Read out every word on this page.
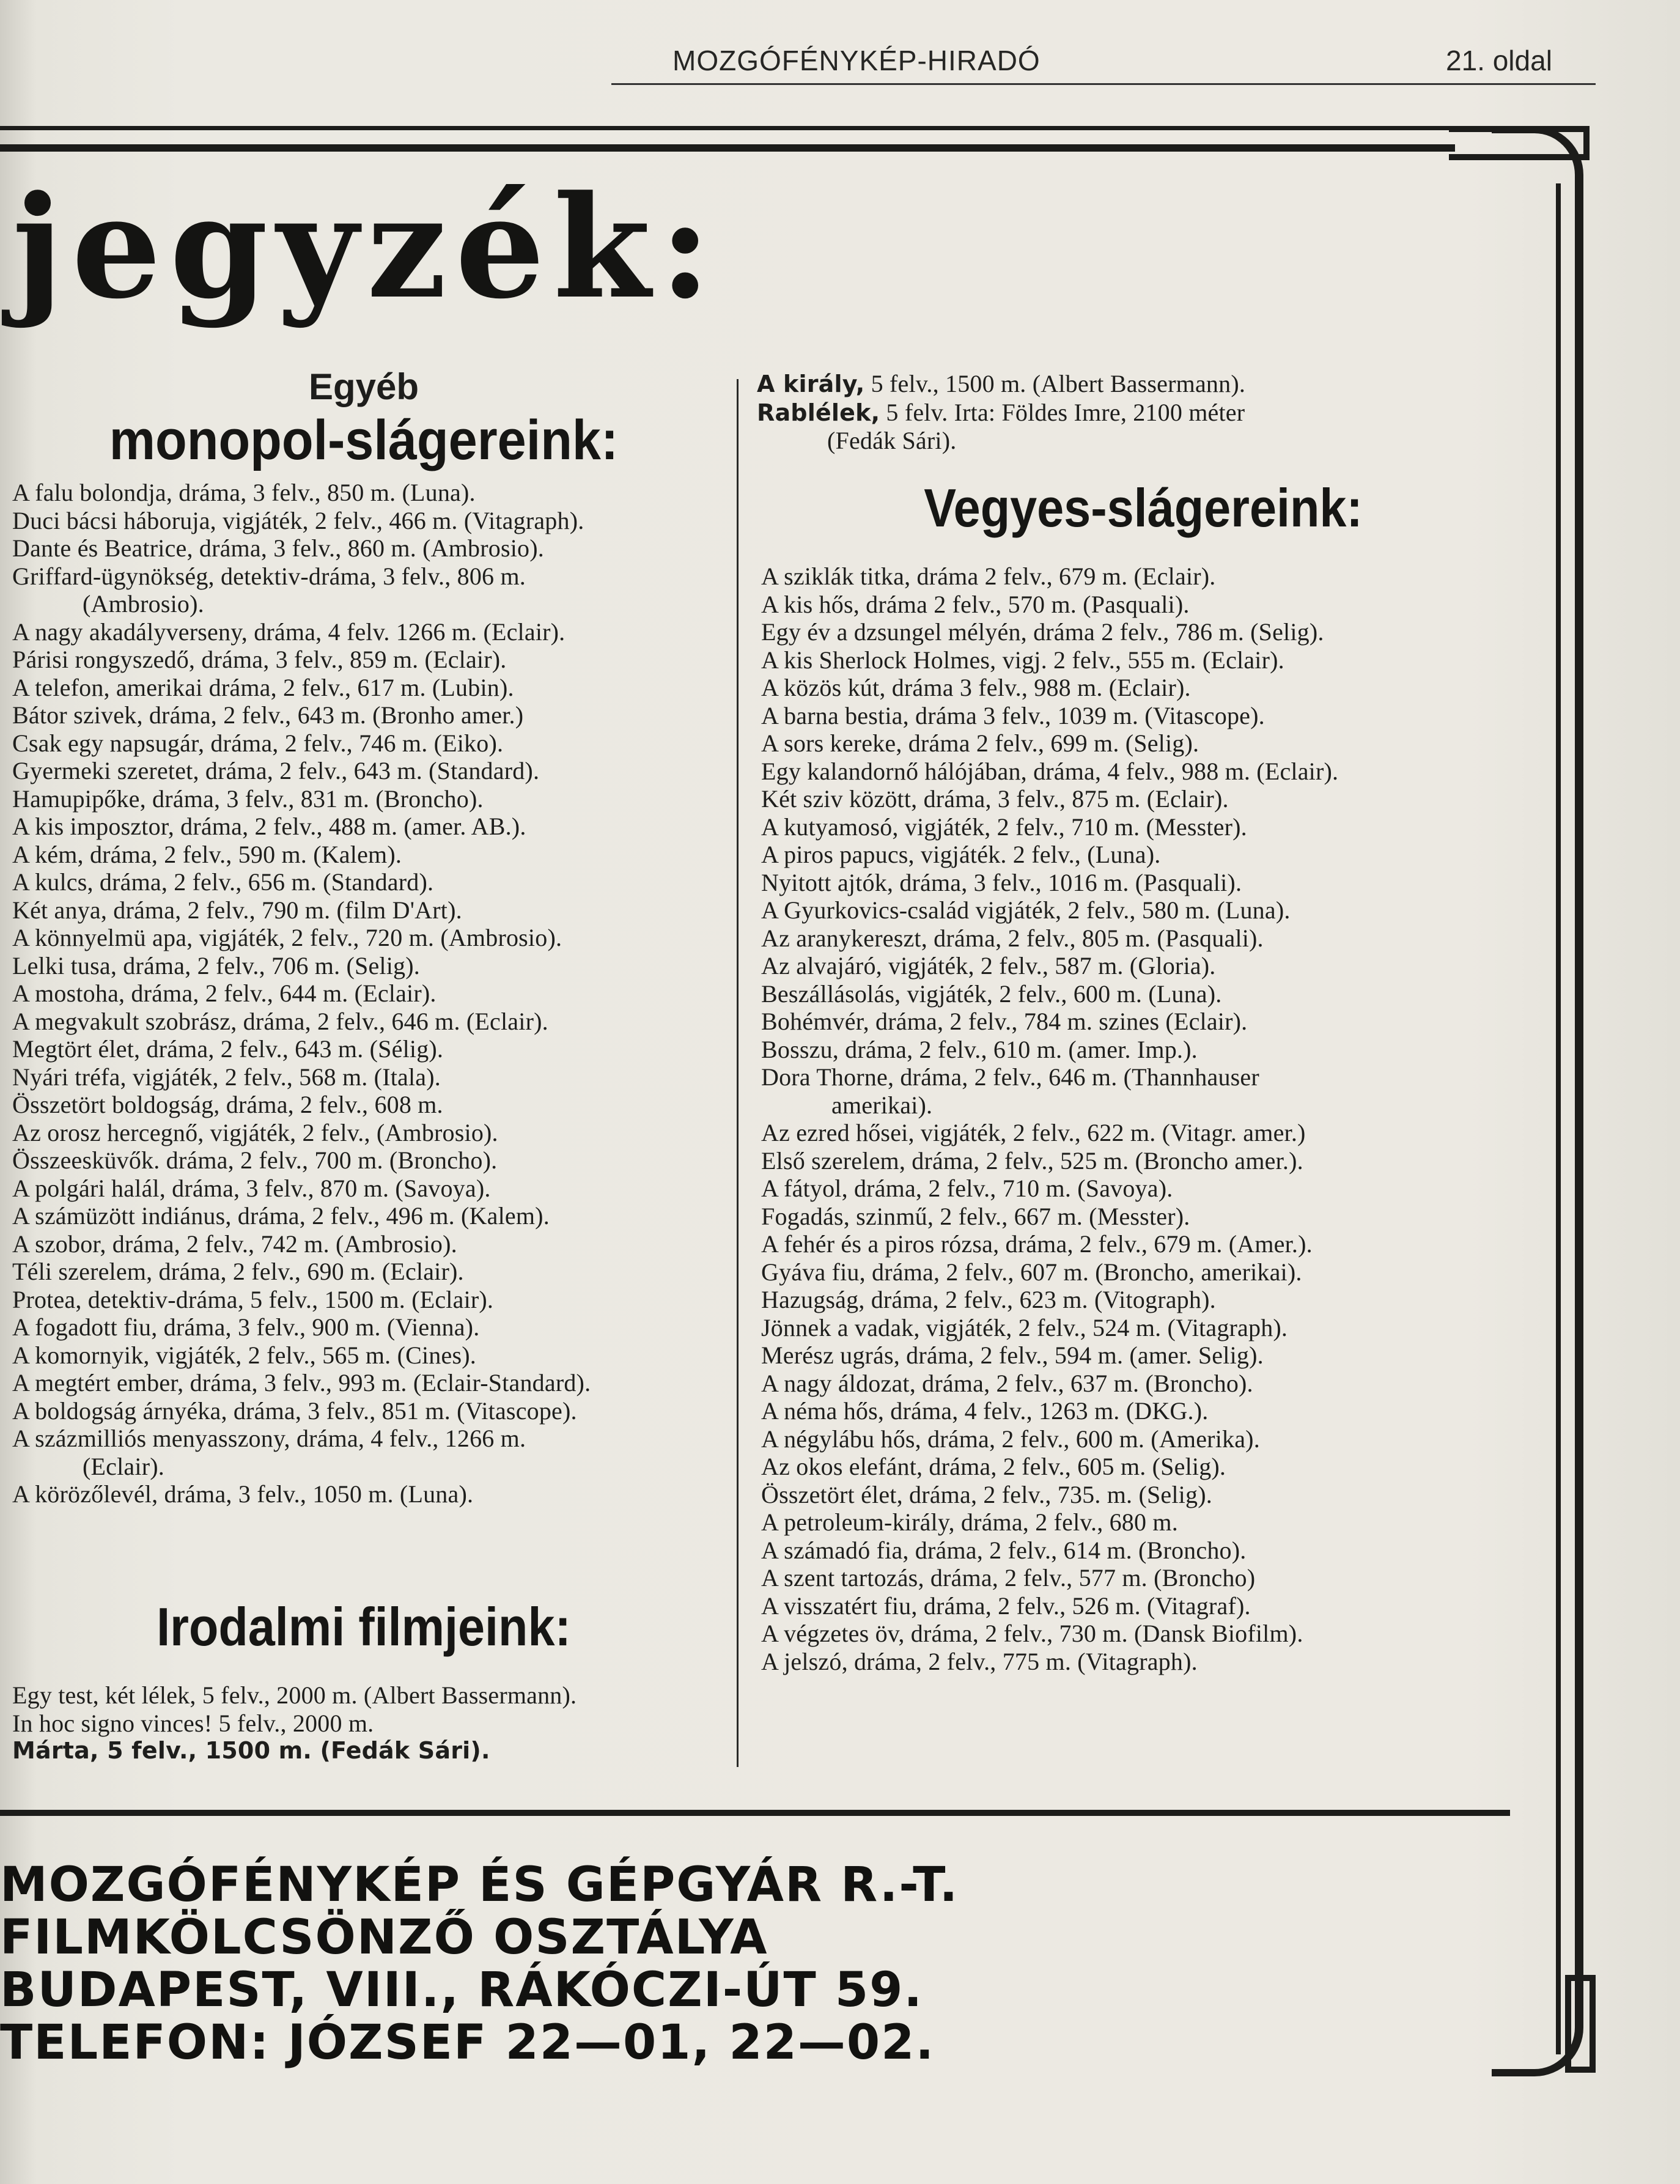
MOZGÓFÉNYKÉP-HIRADÓ	21. oldal
jegyzék:
Egyéb
monopol-slágereink:
A falu bolondja, dráma, 3 felv., 850 m. (Luna).
Duci bácsi háboruja, vigjáték, 2 felv., 466 m. (Vitagraph).
Dante és Beatrice, dráma, 3 felv., 860 m. (Ambrosio).
Griffard-ügynökség, detektiv-dráma, 3 felv., 806 m.
(Ambrosio).
A nagy akadályverseny, dráma, 4 felv. 1266 m. (Eclair).
Párisi rongyszedő, dráma, 3 felv., 859 m. (Eclair).
A telefon, amerikai dráma, 2 felv., 617 m. (Lubin).
Bátor szivek, dráma, 2 felv., 643 m. (Bronho amer.)
Csak egy napsugár, dráma, 2 felv., 746 m. (Eiko).
Gyermeki szeretet, dráma, 2 felv., 643 m. (Standard).
Hamupipőke, dráma, 3 felv., 831 m. (Broncho).
A kis imposztor, dráma, 2 felv., 488 m. (amer. AB.).
A kém, dráma, 2 felv., 590 m. (Kalem).
A kulcs, dráma, 2 felv., 656 m. (Standard).
Két anya, dráma, 2 felv., 790 m. (film D'Art).
A könnyelmü apa, vigjáték, 2 felv., 720 m. (Ambrosio).
Lelki tusa, dráma, 2 felv., 706 m. (Selig).
A mostoha, dráma, 2 felv., 644 m. (Eclair).
A megvakult szobrász, dráma, 2 felv., 646 m. (Eclair).
Megtört élet, dráma, 2 felv., 643 m. (Sélig).
Nyári tréfa, vigjáték, 2 felv., 568 m. (Itala).
Összetört boldogság, dráma, 2 felv., 608 m.
Az orosz hercegnő, vigjáték, 2 felv., (Ambrosio).
Összeesküvők. dráma, 2 felv., 700 m. (Broncho).
A polgári halál, dráma, 3 felv., 870 m. (Savoya).
A számüzött indiánus, dráma, 2 felv., 496 m. (Kalem).
A szobor, dráma, 2 felv., 742 m. (Ambrosio).
Téli szerelem, dráma, 2 felv., 690 m. (Eclair).
Protea, detektiv-dráma, 5 felv., 1500 m. (Eclair).
A fogadott fiu, dráma, 3 felv., 900 m. (Vienna).
A komornyik, vigjáték, 2 felv., 565 m. (Cines).
A megtért ember, dráma, 3 felv., 993 m. (Eclair-Standard).
A boldogság árnyéka, dráma, 3 felv., 851 m. (Vitascope).
A százmilliós menyasszony, dráma, 4 felv., 1266 m.
(Eclair).
A körözőlevél, dráma, 3 felv., 1050 m. (Luna).
Irodalmi filmjeink:
Egy test, két lélek, 5 felv., 2000 m. (Albert Bassermann).
In hoc signo vinces! 5 felv., 2000 m.
Márta, 5 felv., 1500 m. (Fedák Sári).
A király, 5 felv., 1500 m. (Albert Bassermann).
Rablélek, 5 felv. Irta: Földes Imre, 2100 méter
(Fedák Sári).
Vegyes-slágereink:
A sziklák titka, dráma 2 felv., 679 m. (Eclair).
A kis hős, dráma 2 felv., 570 m. (Pasquali).
Egy év a dzsungel mélyén, dráma 2 felv., 786 m. (Selig).
A kis Sherlock Holmes, vigj. 2 felv., 555 m. (Eclair).
A közös kút, dráma 3 felv., 988 m. (Eclair).
A barna bestia, dráma 3 felv., 1039 m. (Vitascope).
A sors kereke, dráma 2 felv., 699 m. (Selig).
Egy kalandornő hálójában, dráma, 4 felv., 988 m. (Eclair).
Két sziv között, dráma, 3 felv., 875 m. (Eclair).
A kutyamosó, vigjáték, 2 felv., 710 m. (Messter).
A piros papucs, vigjáték. 2 felv., (Luna).
Nyitott ajtók, dráma, 3 felv., 1016 m. (Pasquali).
A Gyurkovics-család vigjáték, 2 felv., 580 m. (Luna).
Az aranykereszt, dráma, 2 felv., 805 m. (Pasquali).
Az alvajáró, vigjáték, 2 felv., 587 m. (Gloria).
Beszállásolás, vigjáték, 2 felv., 600 m. (Luna).
Bohémvér, dráma, 2 felv., 784 m. szines (Eclair).
Bosszu, dráma, 2 felv., 610 m. (amer. Imp.).
Dora Thorne, dráma, 2 felv., 646 m. (Thannhauser
amerikai).
Az ezred hősei, vigjáték, 2 felv., 622 m. (Vitagr. amer.)
Első szerelem, dráma, 2 felv., 525 m. (Broncho amer.).
A fátyol, dráma, 2 felv., 710 m. (Savoya).
Fogadás, szinmű, 2 felv., 667 m. (Messter).
A fehér és a piros rózsa, dráma, 2 felv., 679 m. (Amer.).
Gyáva fiu, dráma, 2 felv., 607 m. (Broncho, amerikai).
Hazugság, dráma, 2 felv., 623 m. (Vitograph).
Jönnek a vadak, vigjáték, 2 felv., 524 m. (Vitagraph).
Merész ugrás, dráma, 2 felv., 594 m. (amer. Selig).
A nagy áldozat, dráma, 2 felv., 637 m. (Broncho).
A néma hős, dráma, 4 felv., 1263 m. (DKG.).
A négylábu hős, dráma, 2 felv., 600 m. (Amerika).
Az okos elefánt, dráma, 2 felv., 605 m. (Selig).
Összetört élet, dráma, 2 felv., 735. m. (Selig).
A petroleum-király, dráma, 2 felv., 680 m.
A számadó fia, dráma, 2 felv., 614 m. (Broncho).
A szent tartozás, dráma, 2 felv., 577 m. (Broncho)
A visszatért fiu, dráma, 2 felv., 526 m. (Vitagraf).
A végzetes öv, dráma, 2 felv., 730 m. (Dansk Biofilm).
A jelszó, dráma, 2 felv., 775 m. (Vitagraph).
MOZGÓFÉNYKÉP ÉS GÉPGYÁR R.-T.
FILMKÖLCSÖNZŐ OSZTÁLYA
BUDAPEST, VIII., RÁKÓCZI-ÚT 59.
TELEFON: JÓZSEF 22—01, 22—02.
